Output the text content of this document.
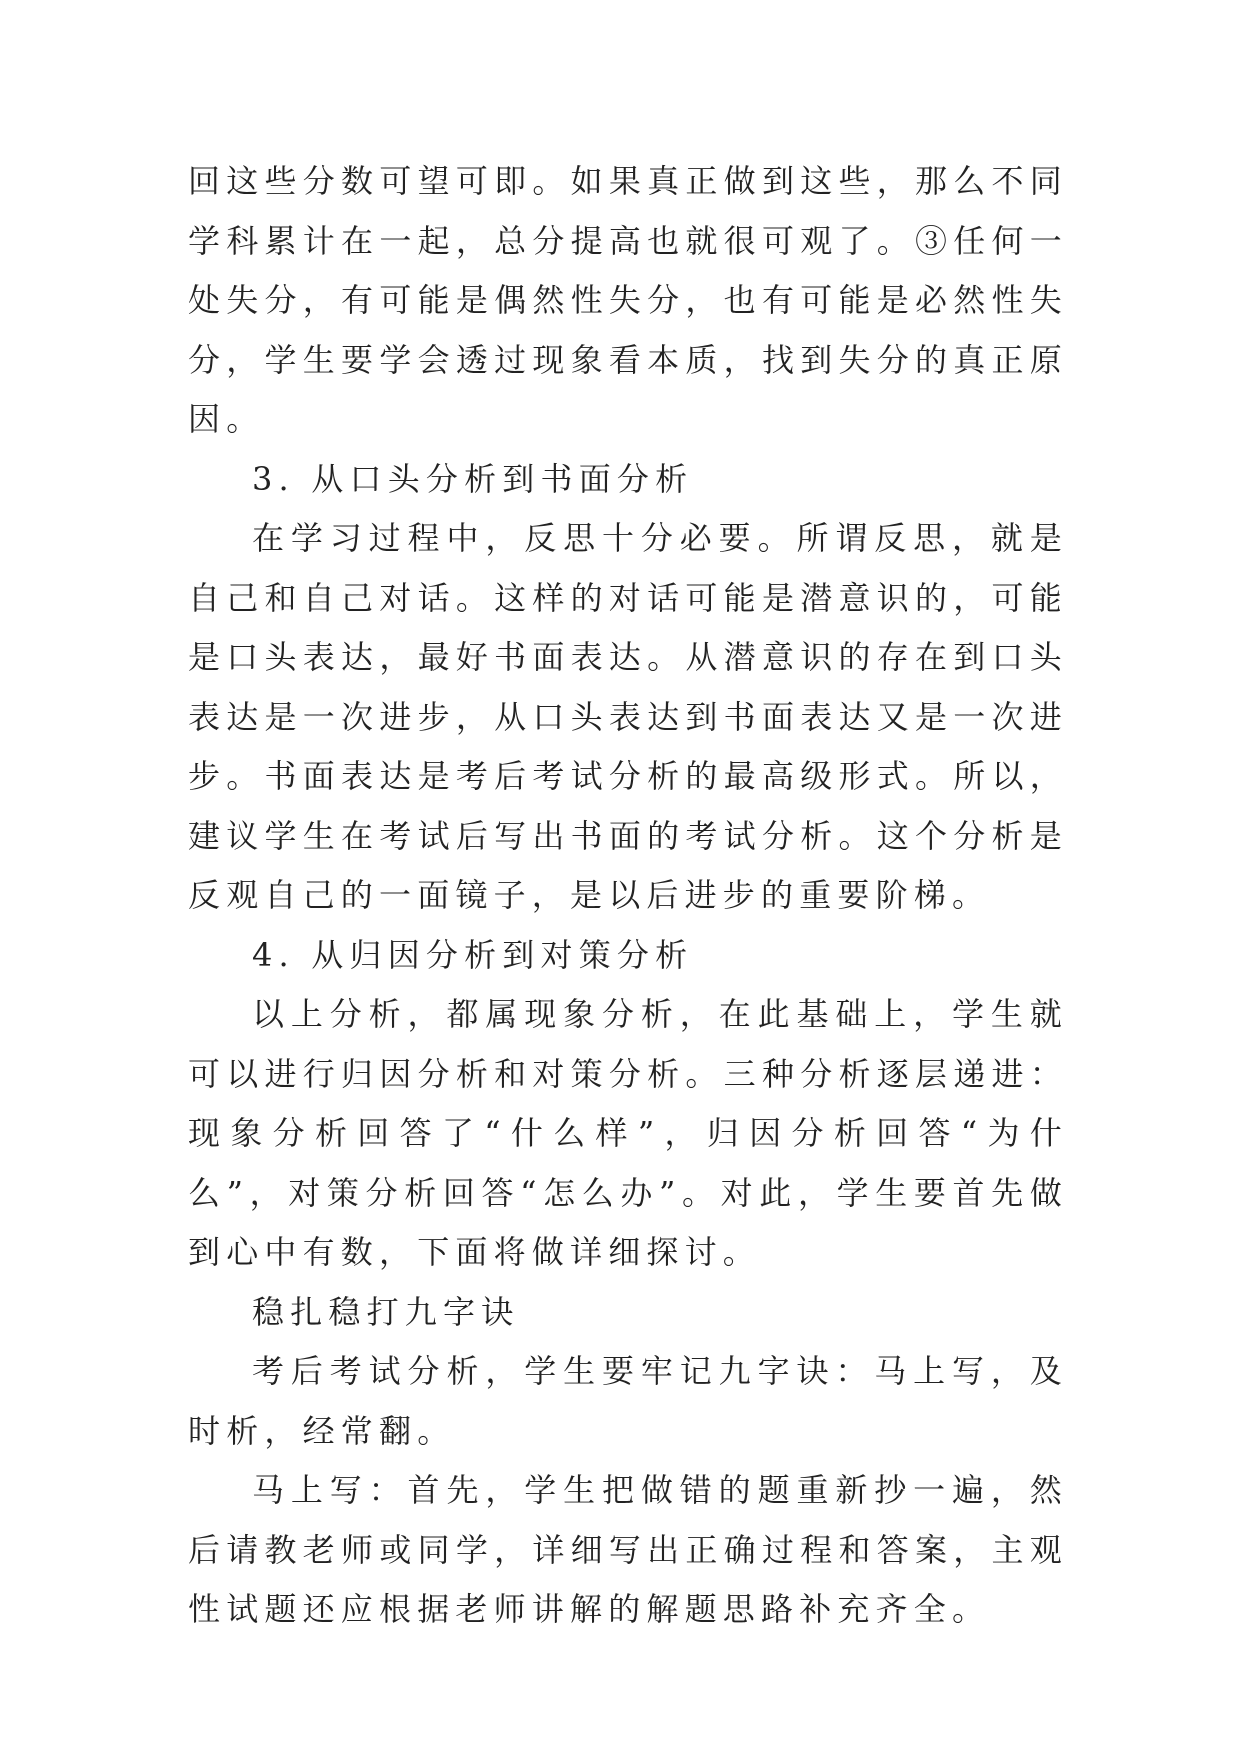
回这些分数可望可即。如果真正做到这些，那么不同学科累计在一起，总分提高也就很可观了。③任何一处失分，有可能是偶然性失分，也有可能是必然性失分，学生要学会透过现象看本质，找到失分的真正原因。

3. 从口头分析到书面分析

在学习过程中，反思十分必要。所谓反思，就是自己和自己对话。这样的对话可能是潜意识的，可能是口头表达，最好书面表达。从潜意识的存在到口头表达是一次进步，从口头表达到书面表达又是一次进步。书面表达是考后考试分析的最高级形式。所以，建议学生在考试后写出书面的考试分析。这个分析是反观自己的一面镜子，是以后进步的重要阶梯。

4. 从归因分析到对策分析

以上分析，都属现象分析，在此基础上，学生就可以进行归因分析和对策分析。三种分析逐层递进：现象分析回答了“什么样”，归因分析回答“为什么”，对策分析回答“怎么办”。对此，学生要首先做到心中有数，下面将做详细探讨。

稳扎稳打九字诀

考后考试分析，学生要牢记九字诀：马上写，及时析，经常翻。

马上写：首先，学生把做错的题重新抄一遍，然后请教老师或同学，详细写出正确过程和答案，主观性试题还应根据老师讲解的解题思路补充齐全。
